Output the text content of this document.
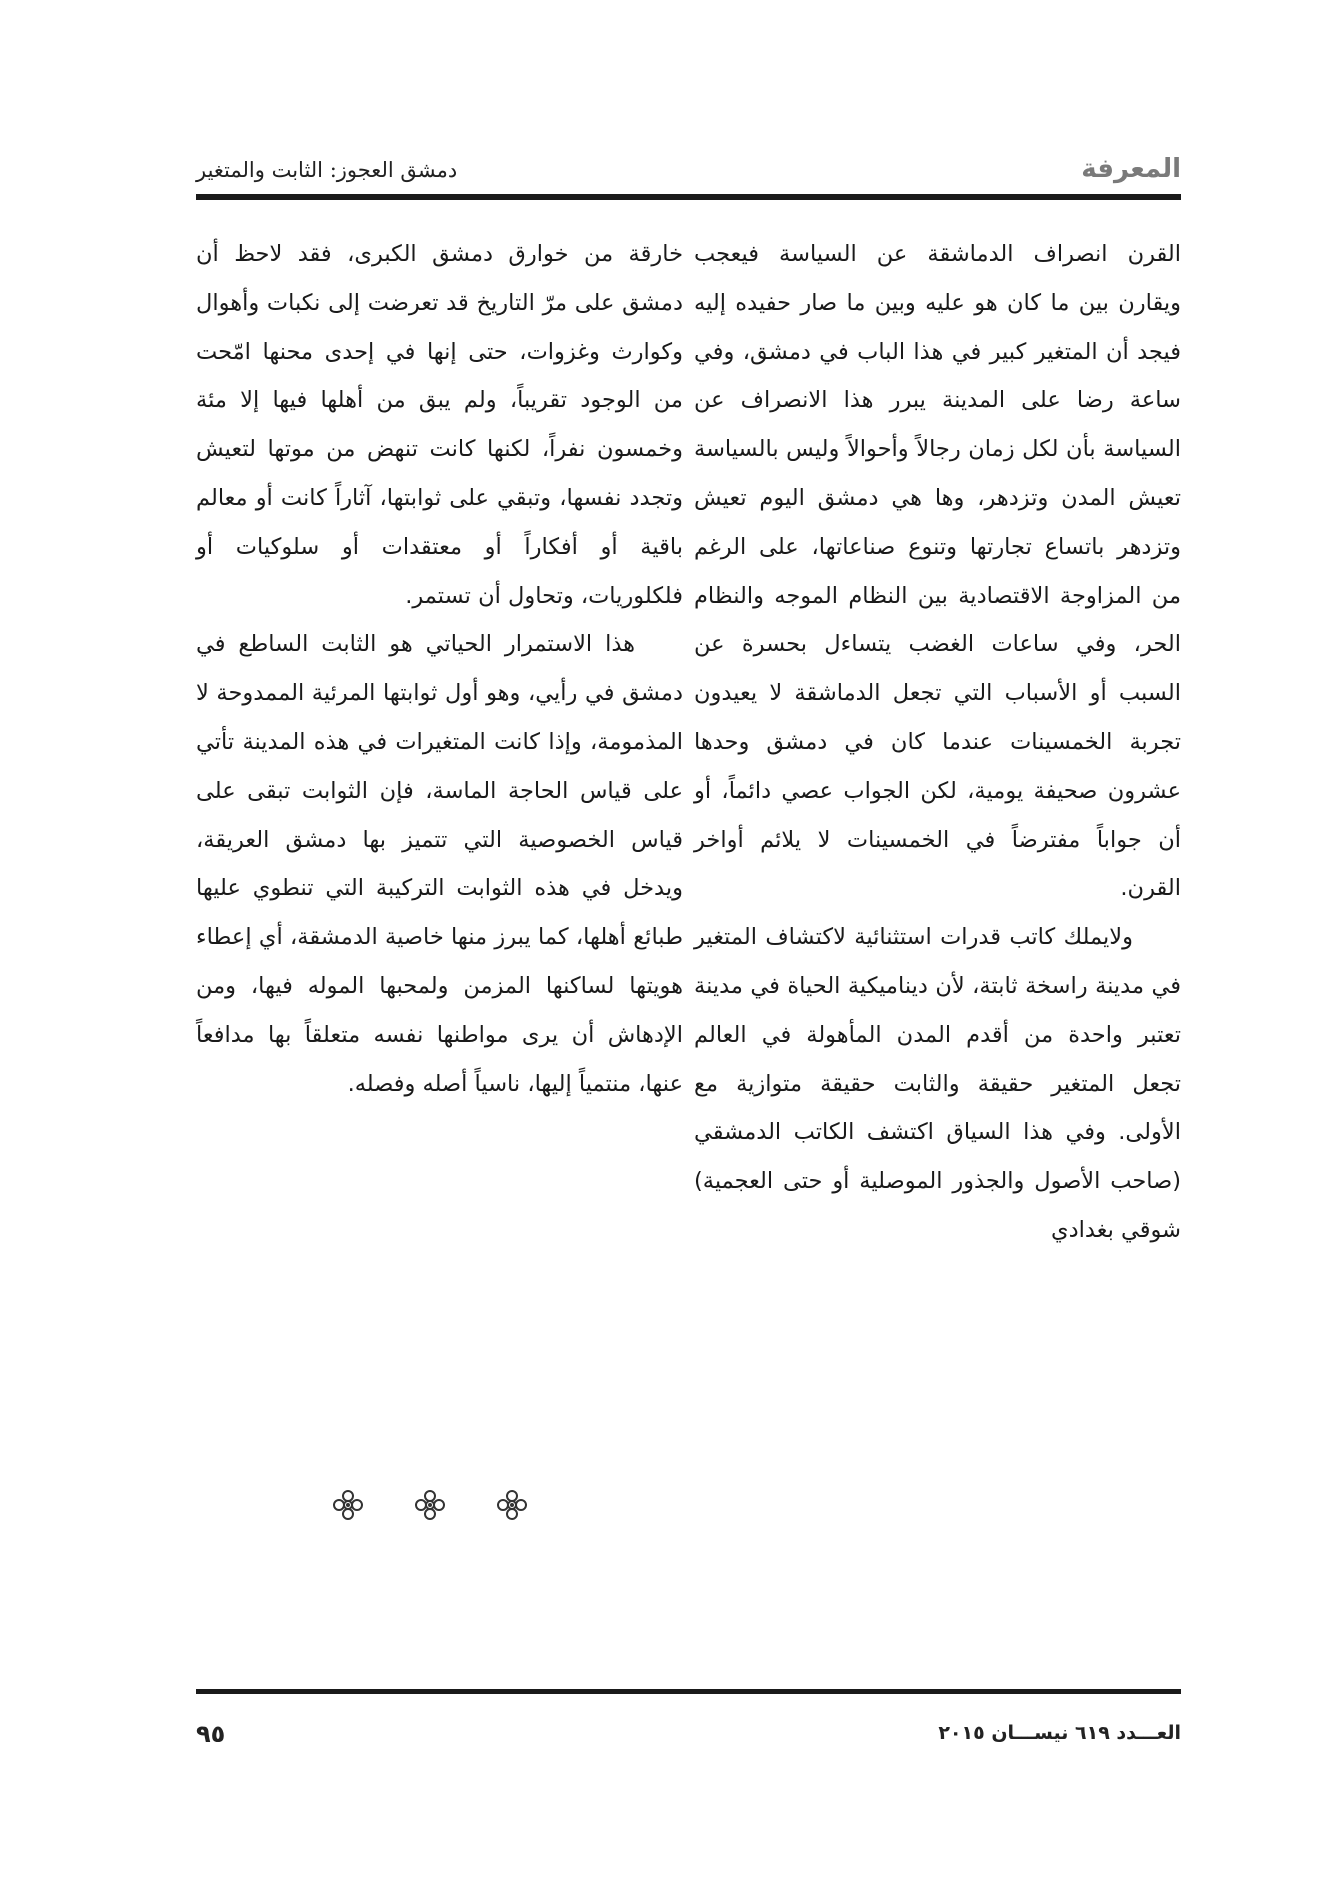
المعرفة
دمشق العجوز: الثابت والمتغير

القرن انصراف الدماشقة عن السياسة فيعجب ويقارن بين ما كان هو عليه وبين ما صار حفيده إليه فيجد أن المتغير كبير في هذا الباب في دمشق، وفي ساعة رضا على المدينة يبرر هذا الانصراف عن السياسة بأن لكل زمان رجالاً وأحوالاً وليس بالسياسة تعيش المدن وتزدهر، وها هي دمشق اليوم تعيش وتزدهر باتساع تجارتها وتنوع صناعاتها، على الرغم من المزاوجة الاقتصادية بين النظام الموجه والنظام الحر، وفي ساعات الغضب يتساءل بحسرة عن السبب أو الأسباب التي تجعل الدماشقة لا يعيدون تجربة الخمسينات عندما كان في دمشق وحدها عشرون صحيفة يومية، لكن الجواب عصي دائماً، أو أن جواباً مفترضاً في الخمسينات لا يلائم أواخر القرن.

ولايملك كاتب قدرات استثنائية لاكتشاف المتغير في مدينة راسخة ثابتة، لأن ديناميكية الحياة في مدينة تعتبر واحدة من أقدم المدن المأهولة في العالم تجعل المتغير حقيقة والثابت حقيقة متوازية مع الأولى. وفي هذا السياق اكتشف الكاتب الدمشقي (صاحب الأصول والجذور الموصلية أو حتى العجمية) شوقي بغدادي

خارقة من خوارق دمشق الكبرى، فقد لاحظ أن دمشق على مرّ التاريخ قد تعرضت إلى نكبات وأهوال وكوارث وغزوات، حتى إنها في إحدى محنها امّحت من الوجود تقريباً، ولم يبق من أهلها فيها إلا مئة وخمسون نفراً، لكنها كانت تنهض من موتها لتعيش وتجدد نفسها، وتبقي على ثوابتها، آثاراً كانت أو معالم باقية أو أفكاراً أو معتقدات أو سلوكيات أو فلكلوريات، وتحاول أن تستمر.

هذا الاستمرار الحياتي هو الثابت الساطع في دمشق في رأيي، وهو أول ثوابتها المرئية الممدوحة لا المذمومة، وإذا كانت المتغيرات في هذه المدينة تأتي على قياس الحاجة الماسة، فإن الثوابت تبقى على قياس الخصوصية التي تتميز بها دمشق العريقة، ويدخل في هذه الثوابت التركيبة التي تنطوي عليها طبائع أهلها، كما يبرز منها خاصية الدمشقة، أي إعطاء هويتها لساكنها المزمن ولمحبها الموله فيها، ومن الإدهاش أن يرى مواطنها نفسه متعلقاً بها مدافعاً عنها، منتمياً إليها، ناسياً أصله وفصله.

العـــدد ٦١٩ نيســـان ٢٠١٥
٩٥
